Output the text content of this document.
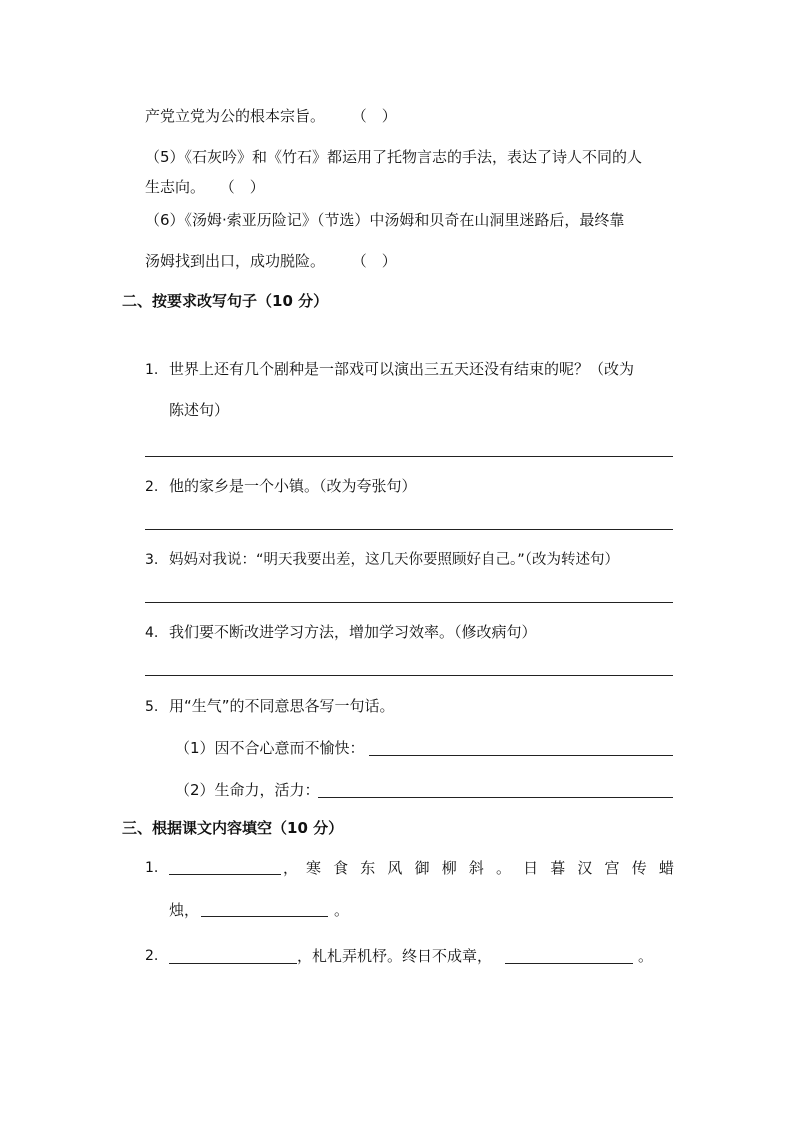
产党立党为公的根本宗旨。 （　）
（5）《石灰吟》和《竹石》都运用了托物言志的手法，表达了诗人不同的人
生志向。 （　）
（6）《汤姆·索亚历险记》（节选）中汤姆和贝奇在山洞里迷路后，最终靠
汤姆找到出口，成功脱险。 （　）
二、按要求改写句子（10 分）
1. 世界上还有几个剧种是一部戏可以演出三五天还没有结束的呢？（改为
陈述句）
2. 他的家乡是一个小镇。（改为夸张句）
3. 妈妈对我说：“明天我要出差，这几天你要照顾好自己。”（改为转述句）
4. 我们要不断改进学习方法，增加学习效率。（修改病句）
5. 用“生气”的不同意思各写一句话。
（1）因不合心意而不愉快：
（2）生命力，活力：
三、根据课文内容填空（10 分）
1.	， 寒 食 东 风 御 柳 斜 。 日 暮 汉 宫 传 蜡
烛，	。
2.	，札札弄机杼。终日不成章，	。
